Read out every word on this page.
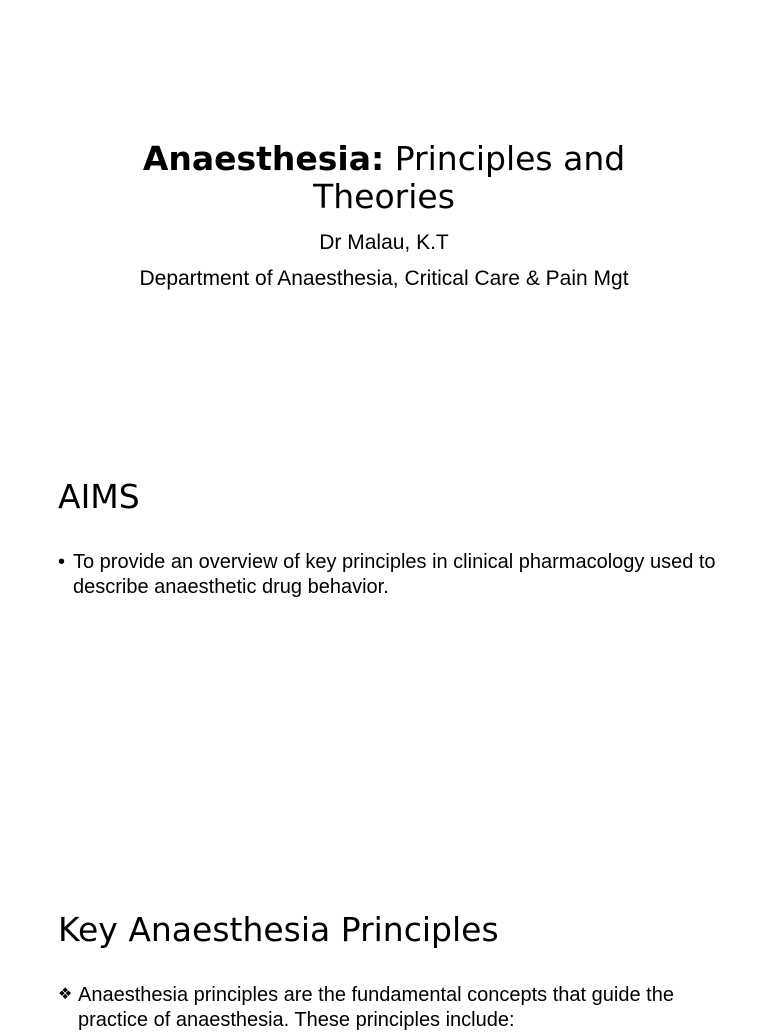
Anaesthesia: Principles and
Theories
Dr Malau, K.T
Department of Anaesthesia, Critical Care & Pain Mgt
AIMS
• To provide an overview of key principles in clinical pharmacology used to describe anaesthetic drug behavior.
Key Anaesthesia Principles
❖ Anaesthesia principles are the fundamental concepts that guide the practice of anaesthesia. These principles include:
